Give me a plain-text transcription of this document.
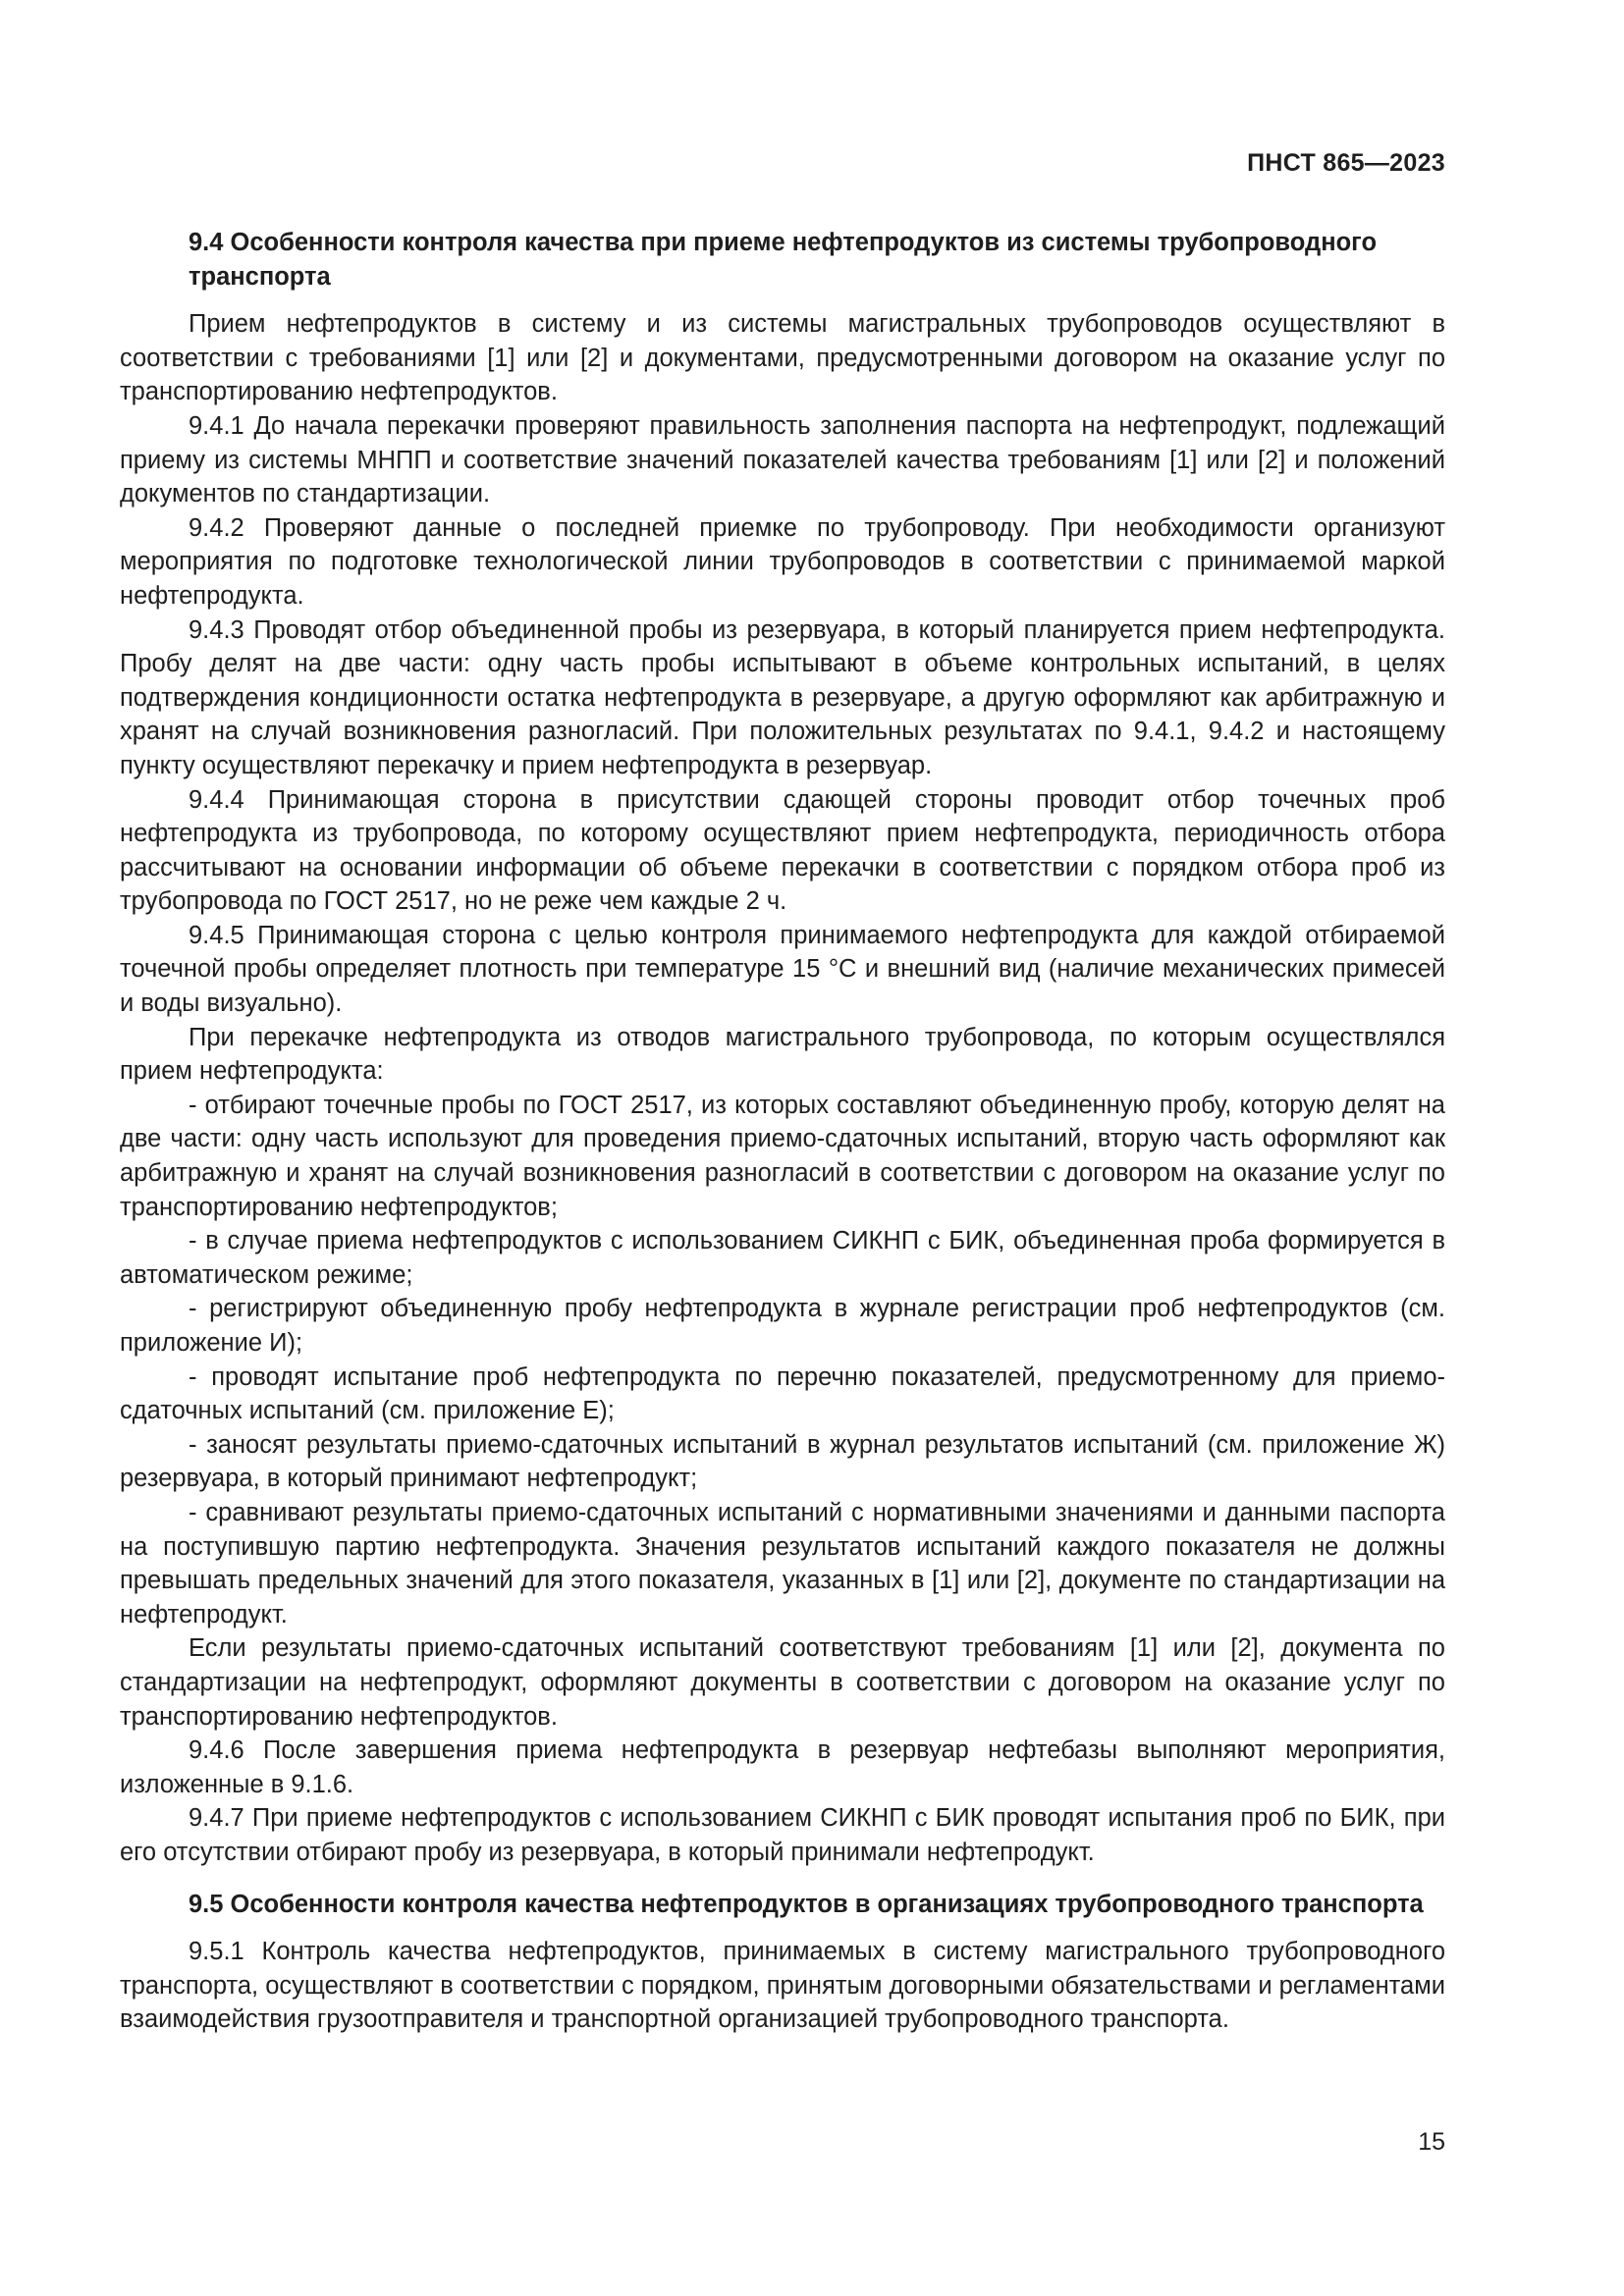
ПНСТ 865—2023
9.4 Особенности контроля качества при приеме нефтепродуктов из системы трубопроводного транспорта

Прием нефтепродуктов в систему и из системы магистральных трубопроводов осуществляют в соответствии с требованиями [1] или [2] и документами, предусмотренными договором на оказание услуг по транспортированию нефтепродуктов.

9.4.1 До начала перекачки проверяют правильность заполнения паспорта на нефтепродукт, подлежащий приему из системы МНПП и соответствие значений показателей качества требованиям [1] или [2] и положений документов по стандартизации.

9.4.2 Проверяют данные о последней приемке по трубопроводу. При необходимости организуют мероприятия по подготовке технологической линии трубопроводов в соответствии с принимаемой маркой нефтепродукта.

9.4.3 Проводят отбор объединенной пробы из резервуара, в который планируется прием нефтепродукта. Пробу делят на две части: одну часть пробы испытывают в объеме контрольных испытаний, в целях подтверждения кондиционности остатка нефтепродукта в резервуаре, а другую оформляют как арбитражную и хранят на случай возникновения разногласий. При положительных результатах по 9.4.1, 9.4.2 и настоящему пункту осуществляют перекачку и прием нефтепродукта в резервуар.

9.4.4 Принимающая сторона в присутствии сдающей стороны проводит отбор точечных проб нефтепродукта из трубопровода, по которому осуществляют прием нефтепродукта, периодичность отбора рассчитывают на основании информации об объеме перекачки в соответствии с порядком отбора проб из трубопровода по ГОСТ 2517, но не реже чем каждые 2 ч.

9.4.5 Принимающая сторона с целью контроля принимаемого нефтепродукта для каждой отбираемой точечной пробы определяет плотность при температуре 15 °С и внешний вид (наличие механических примесей и воды визуально).

При перекачке нефтепродукта из отводов магистрального трубопровода, по которым осуществлялся прием нефтепродукта:

- отбирают точечные пробы по ГОСТ 2517, из которых составляют объединенную пробу, которую делят на две части: одну часть используют для проведения приемо-сдаточных испытаний, вторую часть оформляют как арбитражную и хранят на случай возникновения разногласий в соответствии с договором на оказание услуг по транспортированию нефтепродуктов;

- в случае приема нефтепродуктов с использованием СИКНП с БИК, объединенная проба формируется в автоматическом режиме;

- регистрируют объединенную пробу нефтепродукта в журнале регистрации проб нефтепродуктов (см. приложение И);

- проводят испытание проб нефтепродукта по перечню показателей, предусмотренному для приемо-сдаточных испытаний (см. приложение Е);

- заносят результаты приемо-сдаточных испытаний в журнал результатов испытаний (см. приложение Ж) резервуара, в который принимают нефтепродукт;

- сравнивают результаты приемо-сдаточных испытаний с нормативными значениями и данными паспорта на поступившую партию нефтепродукта. Значения результатов испытаний каждого показателя не должны превышать предельных значений для этого показателя, указанных в [1] или [2], документе по стандартизации на нефтепродукт.

Если результаты приемо-сдаточных испытаний соответствуют требованиям [1] или [2], документа по стандартизации на нефтепродукт, оформляют документы в соответствии с договором на оказание услуг по транспортированию нефтепродуктов.

9.4.6 После завершения приема нефтепродукта в резервуар нефтебазы выполняют мероприятия, изложенные в 9.1.6.

9.4.7 При приеме нефтепродуктов с использованием СИКНП с БИК проводят испытания проб по БИК, при его отсутствии отбирают пробу из резервуара, в который принимали нефтепродукт.

9.5 Особенности контроля качества нефтепродуктов в организациях трубопроводного транспорта

9.5.1 Контроль качества нефтепродуктов, принимаемых в систему магистрального трубопроводного транспорта, осуществляют в соответствии с порядком, принятым договорными обязательствами и регламентами взаимодействия грузоотправителя и транспортной организацией трубопроводного транспорта.

15
